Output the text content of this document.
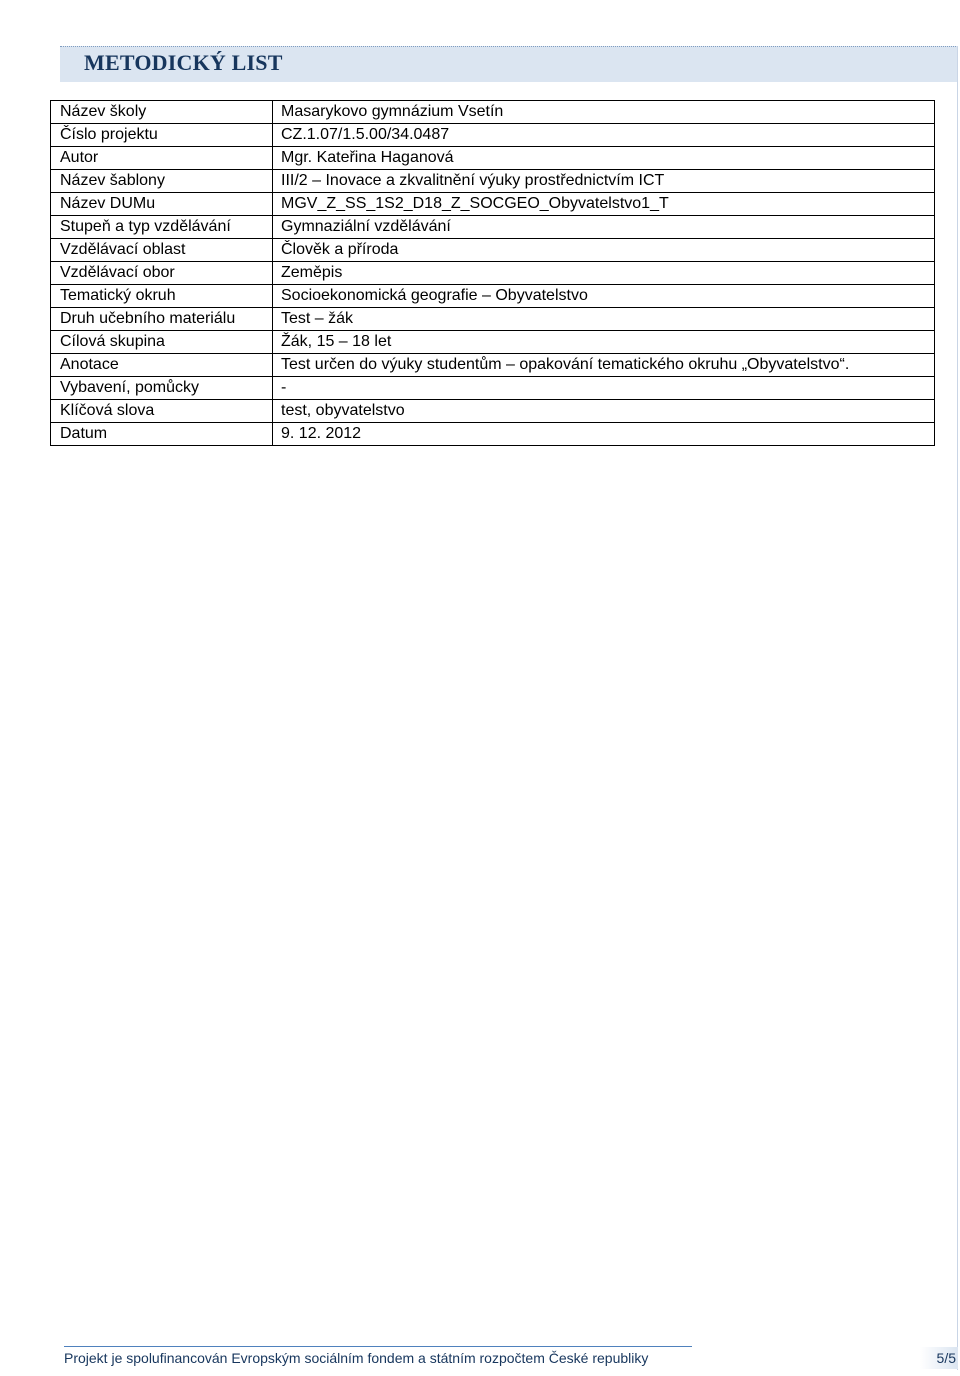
METODICKÝ LIST
Název školy	Masarykovo gymnázium Vsetín
Číslo projektu	CZ.1.07/1.5.00/34.0487
Autor	Mgr. Kateřina Haganová
Název šablony	III/2 – Inovace a zkvalitnění výuky prostřednictvím ICT
Název DUMu	MGV_Z_SS_1S2_D18_Z_SOCGEO_Obyvatelstvo1_T
Stupeň a typ vzdělávání	Gymnaziální vzdělávání
Vzdělávací oblast	Člověk a příroda
Vzdělávací obor	Zeměpis
Tematický okruh	Socioekonomická geografie – Obyvatelstvo
Druh učebního materiálu	Test – žák
Cílová skupina	Žák, 15 – 18 let
Anotace	Test určen do výuky studentům – opakování tematického okruhu „Obyvatelstvo“.
Vybavení, pomůcky	-
Klíčová slova	test, obyvatelstvo
Datum	9. 12. 2012
Projekt je spolufinancován Evropským sociálním fondem a státním rozpočtem České republiky	5/5
